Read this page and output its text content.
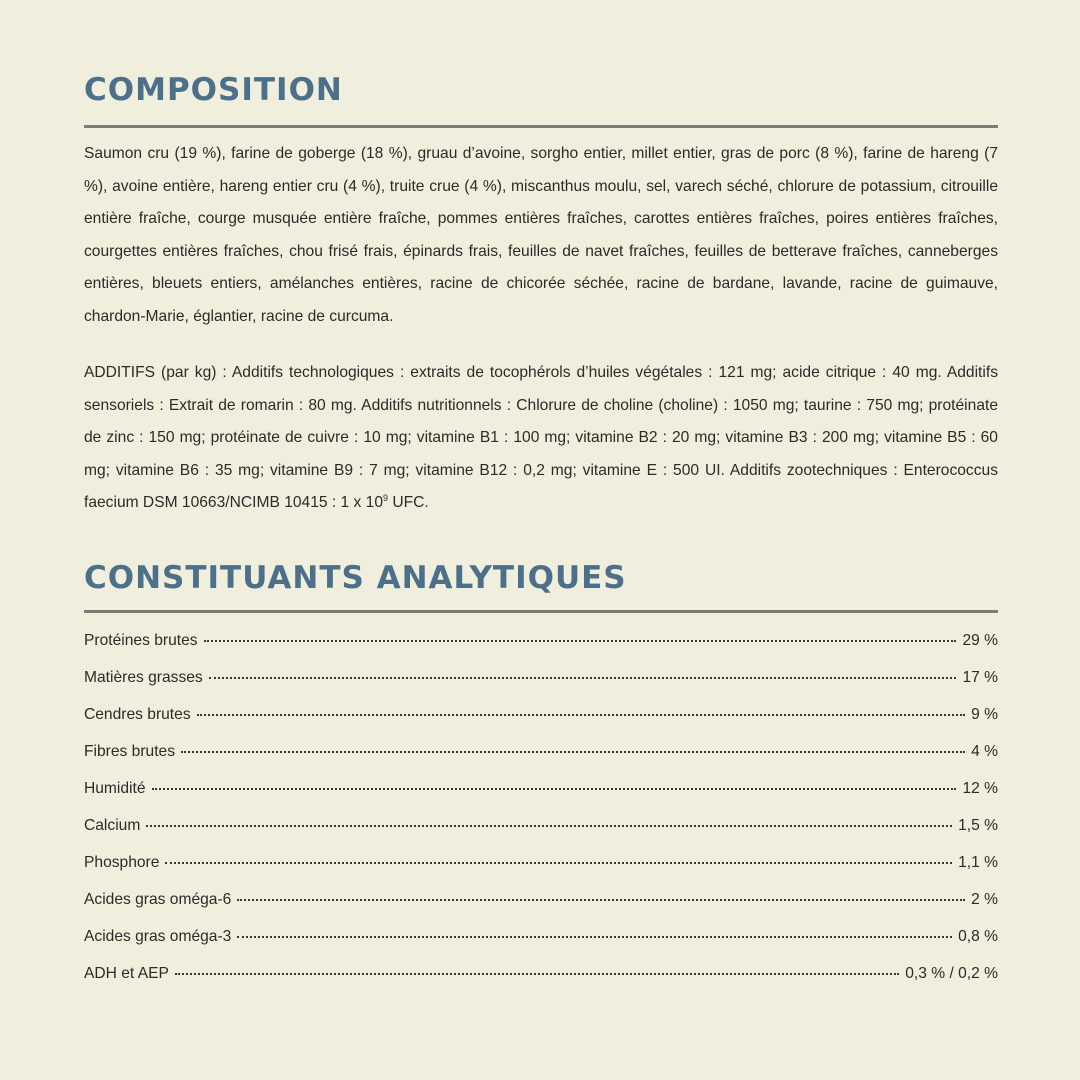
COMPOSITION

Saumon cru (19 %), farine de goberge (18 %), gruau d’avoine, sorgho entier, millet entier, gras de porc (8 %), farine de hareng (7 %), avoine entière, hareng entier cru (4 %), truite crue (4 %), miscanthus moulu, sel, varech séché, chlorure de potassium, citrouille entière fraîche, courge musquée entière fraîche, pommes entières fraîches, carottes entières fraîches, poires entières fraîches, courgettes entières fraîches, chou frisé frais, épinards frais, feuilles de navet fraîches, feuilles de betterave fraîches, canneberges entières, bleuets entiers, amélanches entières, racine de chicorée séchée, racine de bardane, lavande, racine de guimauve, chardon-Marie, églantier, racine de curcuma.

ADDITIFS (par kg) : Additifs technologiques : extraits de tocophérols d’huiles végétales : 121 mg; acide citrique : 40 mg. Additifs sensoriels : Extrait de romarin : 80 mg. Additifs nutritionnels : Chlorure de choline (choline) : 1050 mg; taurine : 750 mg; protéinate de zinc : 150 mg; protéinate de cuivre : 10 mg; vitamine B1 : 100 mg; vitamine B2 : 20 mg; vitamine B3 : 200 mg; vitamine B5 : 60 mg; vitamine B6 : 35 mg; vitamine B9 : 7 mg; vitamine B12 : 0,2 mg; vitamine E : 500 UI. Additifs zootechniques : Enterococcus faecium DSM 10663/NCIMB 10415 : 1 x $10^9$ UFC.

CONSTITUANTS ANALYTIQUES
Protéines brutes	29 %
Matières grasses	17 %
Cendres brutes	9 %
Fibres brutes	4 %
Humidité	12 %
Calcium	1,5 %
Phosphore	1,1 %
Acides gras oméga-6	2 %
Acides gras oméga-3	0,8 %
ADH et AEP	0,3 % / 0,2 %
